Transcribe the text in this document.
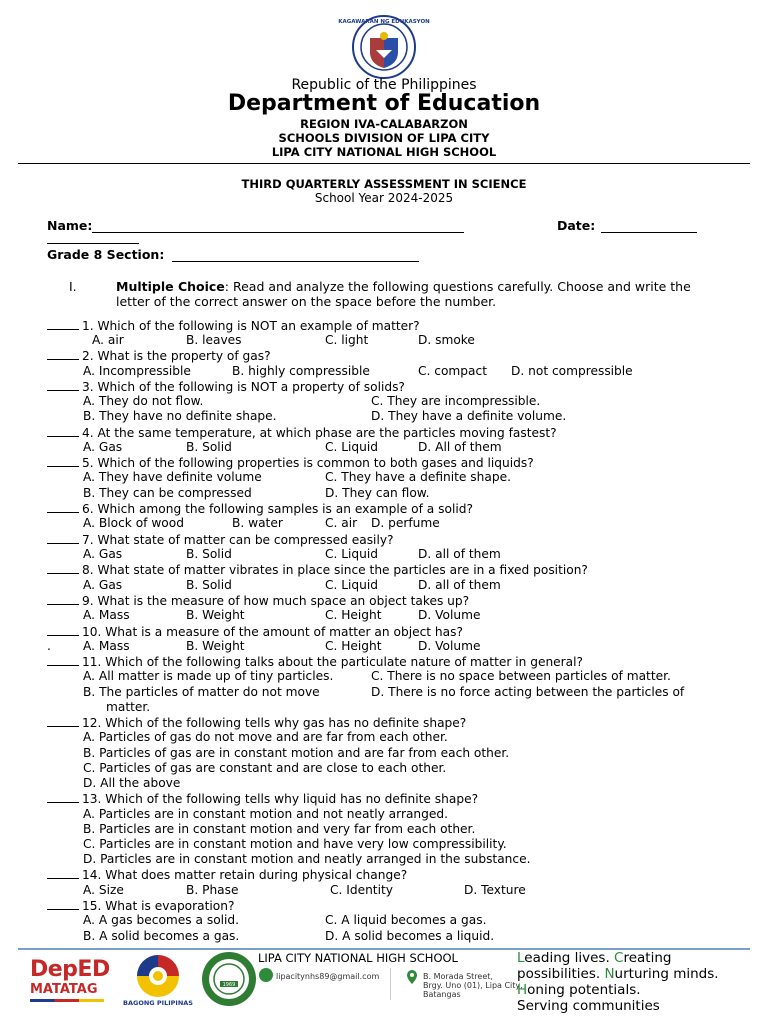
KAGAWARAN NG EDUKASYON
Republic of the Philippines
Department of Education
REGION IVA-CALABARZON
SCHOOLS DIVISION OF LIPA CITY
LIPA CITY NATIONAL HIGH SCHOOL
THIRD QUARTERLY ASSESSMENT IN SCIENCE
School Year 2024-2025
Name:	Date:
Grade 8 Section:
I.	Multiple Choice: Read and analyze the following questions carefully. Choose and write the
letter of the correct answer on the space before the number.
1. Which of the following is NOT an example of matter?
A. air	B. leaves	C. light	D. smoke
2. What is the property of gas?
A. Incompressible	B. highly compressible	C. compact D. not compressible
3. Which of the following is NOT a property of solids?
A. They do not flow.	C. They are incompressible.
B. They have no definite shape.	D. They have a definite volume.
4. At the same temperature, at which phase are the particles moving fastest?
A. Gas	B. Solid	C. Liquid	D. All of them
5. Which of the following properties is common to both gases and liquids?
A. They have definite volume	C. They have a definite shape.
B. They can be compressed	D. They can flow.
6. Which among the following samples is an example of a solid?
A. Block of wood	B. water	C. air D. perfume
7. What state of matter can be compressed easily?
A. Gas	B. Solid	C. Liquid	D. all of them
8. What state of matter vibrates in place since the particles are in a fixed position?
A. Gas	B. Solid	C. Liquid	D. all of them
9. What is the measure of how much space an object takes up?
A. Mass	B. Weight	C. Height	D. Volume
10. What is a measure of the amount of matter an object has?
.	A. Mass	B. Weight	C. Height	D. Volume
11. Which of the following talks about the particulate nature of matter in general?
A. All matter is made up of tiny particles.	C. There is no space between particles of matter.
B. The particles of matter do not move	D. There is no force acting between the particles of
matter.
12. Which of the following tells why gas has no definite shape?
A. Particles of gas do not move and are far from each other.
B. Particles of gas are in constant motion and are far from each other.
C. Particles of gas are constant and are close to each other.
D. All the above
13. Which of the following tells why liquid has no definite shape?
A. Particles are in constant motion and not neatly arranged.
B. Particles are in constant motion and very far from each other.
C. Particles are in constant motion and have very low compressibility.
D. Particles are in constant motion and neatly arranged in the substance.
14. What does matter retain during physical change?
A. Size	B. Phase	C. Identity	D. Texture
15. What is evaporation?
A. A gas becomes a solid.	C. A liquid becomes a gas.
B. A solid becomes a gas.	D. A solid becomes a liquid.
DepED
MATATAG
BAGONG PILIPINAS
1969
LIPA CITY NATIONAL HIGH SCHOOL
lipacitynhs89@gmail.com	B. Morada Street,
Brgy. Uno (01), Lipa City,
Batangas
Leading lives. Creating
possibilities. Nurturing minds.
Honing potentials.
Serving communities
